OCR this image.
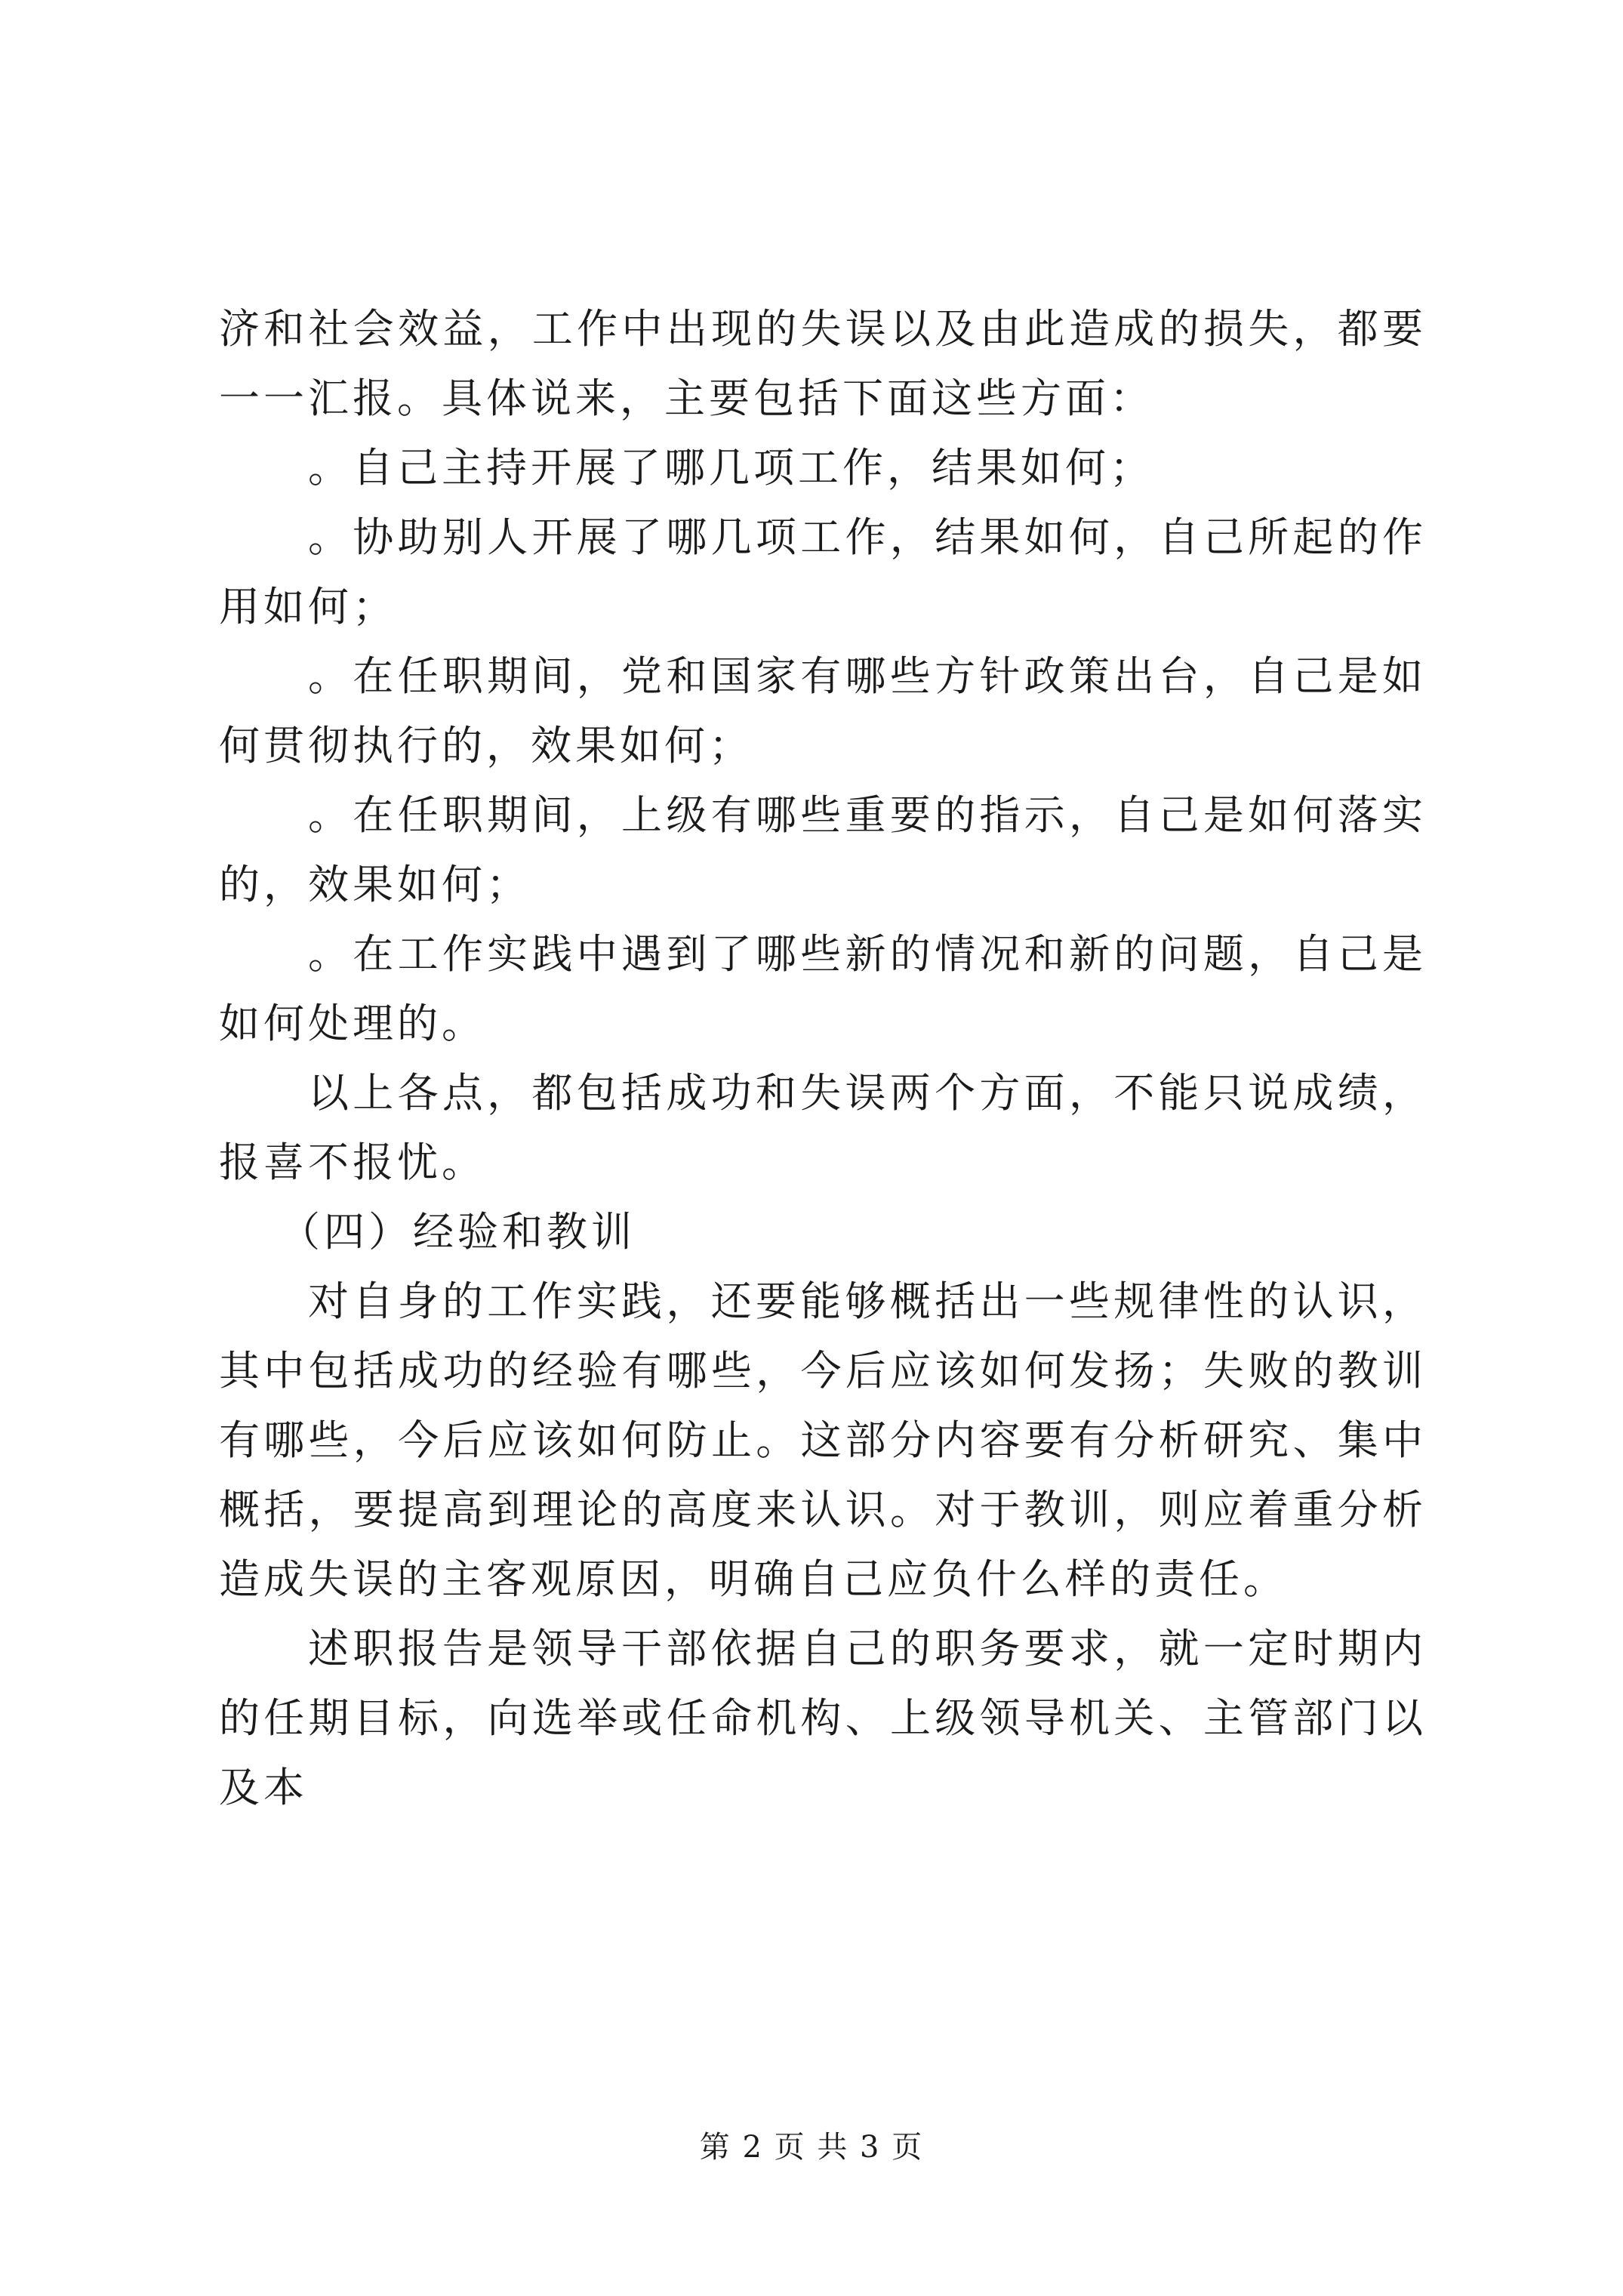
济和社会效益，工作中出现的失误以及由此造成的损失，都要一一汇报。具体说来，主要包括下面这些方面：

。自己主持开展了哪几项工作，结果如何；

。协助别人开展了哪几项工作，结果如何，自己所起的作用如何；

。在任职期间，党和国家有哪些方针政策出台，自己是如何贯彻执行的，效果如何；

。在任职期间，上级有哪些重要的指示，自己是如何落实的，效果如何；

。在工作实践中遇到了哪些新的情况和新的问题，自己是如何处理的。

以上各点，都包括成功和失误两个方面，不能只说成绩，报喜不报忧。

（四）经验和教训

对自身的工作实践，还要能够概括出一些规律性的认识，其中包括成功的经验有哪些，今后应该如何发扬；失败的教训有哪些，今后应该如何防止。这部分内容要有分析研究、集中概括，要提高到理论的高度来认识。对于教训，则应着重分析造成失误的主客观原因，明确自己应负什么样的责任。

述职报告是领导干部依据自己的职务要求，就一定时期内的任期目标，向选举或任命机构、上级领导机关、主管部门以及本

第 2 页 共 3 页
